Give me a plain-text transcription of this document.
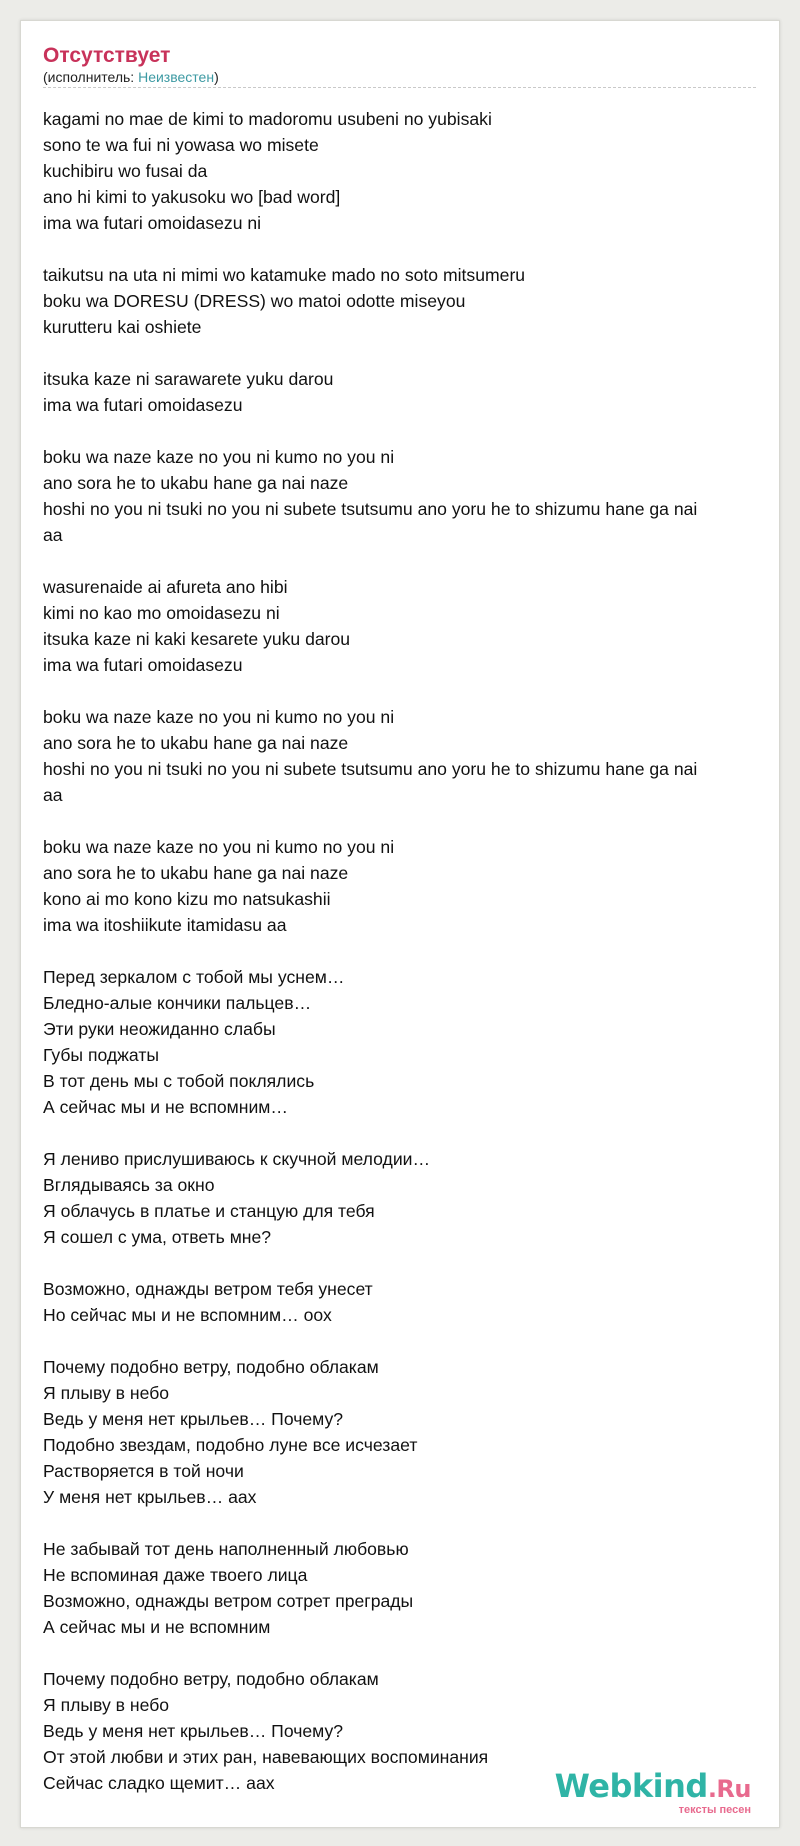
Отсутствует
(исполнитель: Неизвестен)

kagami no mae de kimi to madoromu usubeni no yubisaki

sono te wa fui ni yowasa wo misete

kuchibiru wo fusai da

ano hi kimi to yakusoku wo [bad word]

ima wa futari omoidasezu ni

taikutsu na uta ni mimi wo katamuke mado no soto mitsumeru

boku wa DORESU (DRESS) wo matoi odotte miseyou

kurutteru kai oshiete

itsuka kaze ni sarawarete yuku darou

ima wa futari omoidasezu

boku wa naze kaze no you ni kumo no you ni

ano sora he to ukabu hane ga nai naze

hoshi no you ni tsuki no you ni subete tsutsumu ano yoru he to shizumu hane ga nai

aa

wasurenaide ai afureta ano hibi

kimi no kao mo omoidasezu ni

itsuka kaze ni kaki kesarete yuku darou

ima wa futari omoidasezu

boku wa naze kaze no you ni kumo no you ni

ano sora he to ukabu hane ga nai naze

hoshi no you ni tsuki no you ni subete tsutsumu ano yoru he to shizumu hane ga nai

aa

boku wa naze kaze no you ni kumo no you ni

ano sora he to ukabu hane ga nai naze

kono ai mo kono kizu mo natsukashii

ima wa itoshiikute itamidasu aa

Перед зеркалом с тобой мы уснем…

Бледно-алые кончики пальцев…

Эти руки неожиданно слабы

Губы поджаты

В тот день мы с тобой поклялись

А сейчас мы и не вспомним…

Я лениво прислушиваюсь к скучной мелодии…

Вглядываясь за окно

Я облачусь в платье и станцую для тебя

Я сошел с ума, ответь мне?

Возможно, однажды ветром тебя унесет

Но сейчас мы и не вспомним… оох

Почему подобно ветру, подобно облакам

Я плыву в небо

Ведь у меня нет крыльев… Почему?

Подобно звездам, подобно луне все исчезает

Растворяется в той ночи

У меня нет крыльев… аах

Не забывай тот день наполненный любовью

Не вспоминая даже твоего лица

Возможно, однажды ветром сотрет преграды

А сейчас мы и не вспомним

Почему подобно ветру, подобно облакам

Я плыву в небо

Ведь у меня нет крыльев… Почему?

От этой любви и этих ран, навевающих воспоминания

Сейчас сладко щемит… аах	Webkind.Ru
тексты песен
